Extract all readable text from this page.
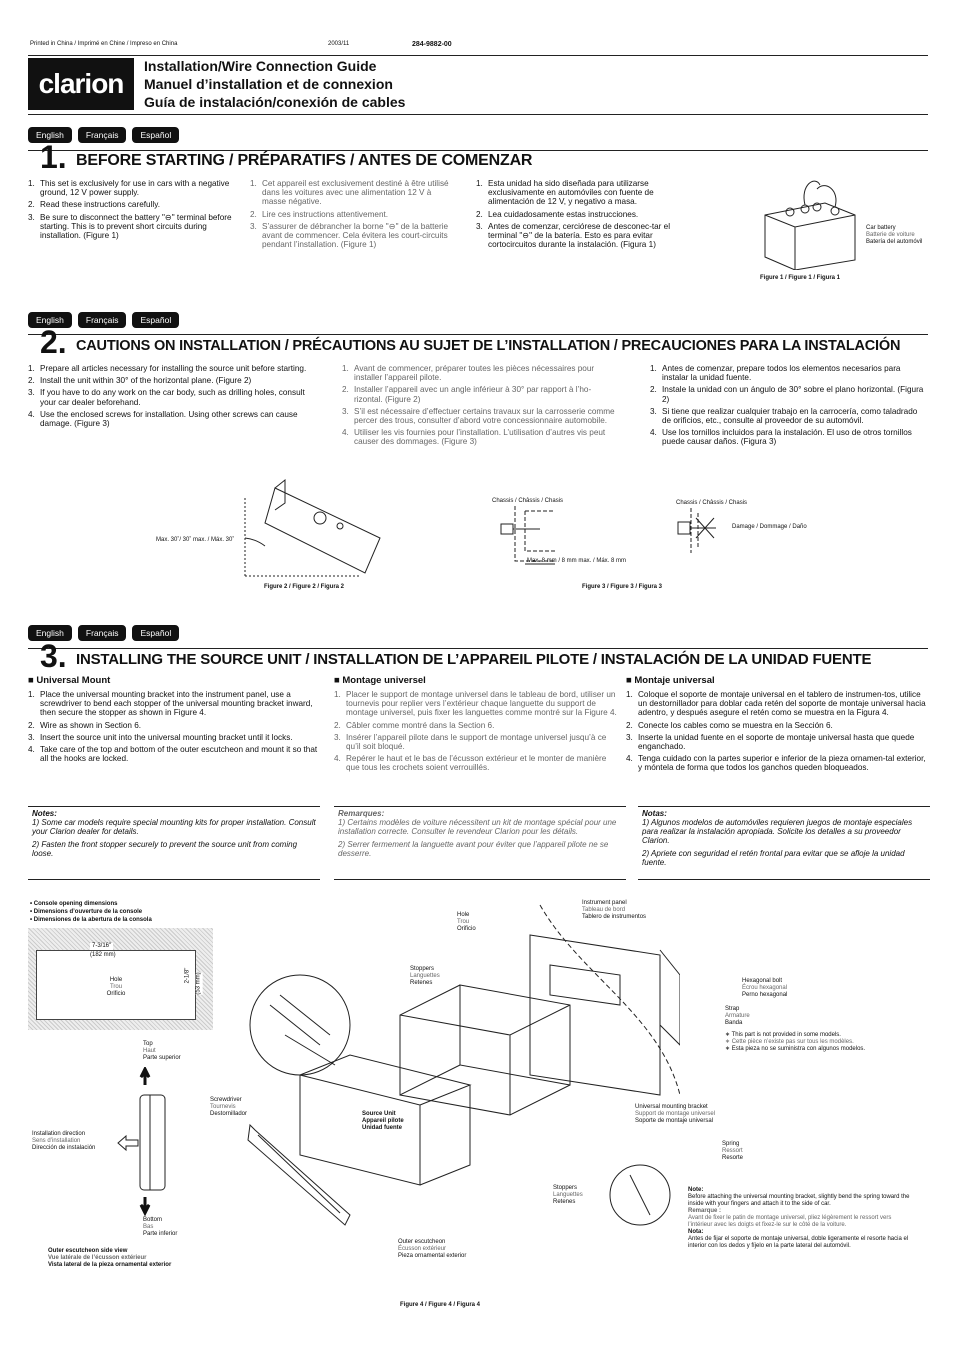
Printed in China / Imprimé en Chine / Impreso en China	2003/11	284-9882-00
clarion
Installation/Wire Connection Guide
Manuel d’installation et de connexion
Guía de instalación/conexión de cables
English	Français	Español
1. BEFORE STARTING / PRÉPARATIFS / ANTES DE COMENZAR
1. This set is exclusively for use in cars with a negative ground, 12 V power supply.
2. Read these instructions carefully.
3. Be sure to disconnect the battery "⊖" terminal before starting. This is to prevent short circuits during installation. (Figure 1)
1. Cet appareil est exclusivement destiné à être utilisé dans les voitures avec une alimentation 12 V à masse négative.
2. Lire ces instructions attentivement.
3. S’assurer de débrancher la borne "⊖" de la batterie avant de commencer. Cela évitera les court-circuits pendant l’installation. (Figure 1)
1. Esta unidad ha sido diseñada para utilizarse exclusivamente en automóviles con fuente de alimentación de 12 V, y negativo a masa.
2. Lea cuidadosamente estas instrucciones.
3. Antes de comenzar, cerciórese de desconec-tar el terminal "⊖" de la batería. Esto es para evitar cortocircuitos durante la instalación. (Figura 1)
Car battery
Batterie de voiture
Batería del automóvil
Figure 1 / Figure 1 / Figura 1
English	Français	Español
2. CAUTIONS ON INSTALLATION / PRÉCAUTIONS AU SUJET DE L’INSTALLATION / PRECAUCIONES PARA LA INSTALACIÓN
1. Prepare all articles necessary for installing the source unit before starting.
2. Install the unit within 30° of the horizontal plane. (Figure 2)
3. If you have to do any work on the car body, such as drilling holes, consult your car dealer beforehand.
4. Use the enclosed screws for installation. Using other screws can cause damage. (Figure 3)
1. Avant de commencer, préparer toutes les pièces nécessaires pour installer l’appareil pilote.
2. Installer l’appareil avec un angle inférieur à 30° par rapport à l’ho-rizontal. (Figure 2)
3. S’il est nécessaire d’effectuer certains travaux sur la carrosserie comme percer des trous, consulter d’abord votre concessionnaire automobile.
4. Utiliser les vis fournies pour l’installation. L’utilisation d’autres vis peut causer des dommages. (Figure 3)
1. Antes de comenzar, prepare todos los elementos necesarios para instalar la unidad fuente.
2. Instale la unidad con un ángulo de 30° sobre el plano horizontal. (Figura 2)
3. Si tiene que realizar cualquier trabajo en la carrocería, como taladrado de orificios, etc., consulte al proveedor de su automóvil.
4. Use los tornillos incluidos para la instalación. El uso de otros tornillos puede causar daños. (Figura 3)
Max. 30˚/ 30˚ max. / Máx. 30˚
Figure 2 / Figure 2 / Figura 2
Chassis / Châssis / Chasis
Max. 8 mm / 8 mm max. / Máx. 8 mm
Chassis / Châssis / Chasis
Damage / Dommage / Daño
Figure 3 / Figure 3 / Figura 3
English	Français	Español
3. INSTALLING THE SOURCE UNIT / INSTALLATION DE L’APPAREIL PILOTE / INSTALACIÓN DE LA UNIDAD FUENTE
■ Universal Mount	■ Montage universel	■ Montaje universal
1. Place the universal mounting bracket into the instrument panel, use a screwdriver to bend each stopper of the universal mounting bracket inward, then secure the stopper as shown in Figure 4.
2. Wire as shown in Section 6.
3. Insert the source unit into the universal mounting bracket until it locks.
4. Take care of the top and bottom of the outer escutcheon and mount it so that all the hooks are locked.
1. Placer le support de montage universel dans le tableau de bord, utiliser un tournevis pour replier vers l’extérieur chaque languette du support de montage universel, puis fixer les languettes comme montré sur la Figure 4.
2. Câbler comme montré dans la Section 6.
3. Insérer l’appareil pilote dans le support de montage universel jusqu’à ce qu’il soit bloqué.
4. Repérer le haut et le bas de l’écusson extérieur et le monter de manière que tous les crochets soient verrouillés.
1. Coloque el soporte de montaje universal en el tablero de instrumen-tos, utilice un destornillador para doblar cada retén del soporte de montaje universal hacia adentro, y después asegure el retén como se muestra en la Figura 4.
2. Conecte los cables como se muestra en la Sección 6.
3. Inserte la unidad fuente en el soporte de montaje universal hasta que quede enganchado.
4. Tenga cuidado con la partes superior e inferior de la pieza ornamen-tal exterior, y móntela de forma que todos los ganchos queden bloqueados.
Notes:
1) Some car models require special mounting kits for proper installation. Consult your Clarion dealer for details.
2) Fasten the front stopper securely to prevent the source unit from coming loose.
Remarques:
1) Certains modèles de voiture nécessitent un kit de montage spécial pour une installation correcte. Consulter le revendeur Clarion pour les détails.
2) Serrer fermement la languette avant pour éviter que l’appareil pilote ne se desserre.
Notas:
1) Algunos modelos de automóviles requieren juegos de montaje especiales para realizar la instalación apropiada. Solicite los detalles a su proveedor Clarion.
2) Apriete con seguridad el retén frontal para evitar que se afloje la unidad fuente.
• Console opening dimensions
• Dimensions d’ouverture de la console
• Dimensiones de la abertura de la consola
Hole
Trou
Orificio
7-3/16"
(182 mm)
2-1/8" (53 mm)
Top
Haut
Parte superior
Installation direction
Sens d’installation
Dirección de instalación
Bottom
Bas
Parte inferior
Outer escutcheon side view
Vue latérale de l’écusson extérieur
Vista lateral de la pieza ornamental exterior
Hole
Trou
Orificio
Instrument panel
Tableau de bord
Tablero de instrumentos
Stoppers
Languettes
Retenes	Hexagonal bolt
Écrou hexagonal
Perno hexagonal
Strap
Armature
Banda
∗ This part is not provided in some models.
∗ Cette pièce n’existe pas sur tous les modèles.
∗ Esta pieza no se suministra con algunos modelos.
Screwdriver
Tournevis
Destornillador	Source Unit
Appareil pilote
Unidad fuente
Universal mounting bracket
Support de montage universel
Soporte de montaje universal
Spring
Ressort
Resorte
Stoppers
Languettes
Retenes
Outer escutcheon
Écusson extérieur
Pieza ornamental exterior
Note:
Before attaching the universal mounting bracket, slightly bend the spring toward the inside with your fingers and attach it to the side of car.
Remarque :
Avant de fixer le patin de montage universel, pliez légèrement le ressort vers l’intérieur avec les doigts et fixez-le sur le côté de la voiture.
Nota:
Antes de fijar el soporte de montaje universal, doble ligeramente el resorte hacia el interior con los dedos y fíjelo en la parte lateral del automóvil.
Figure 4 / Figure 4 / Figura 4
